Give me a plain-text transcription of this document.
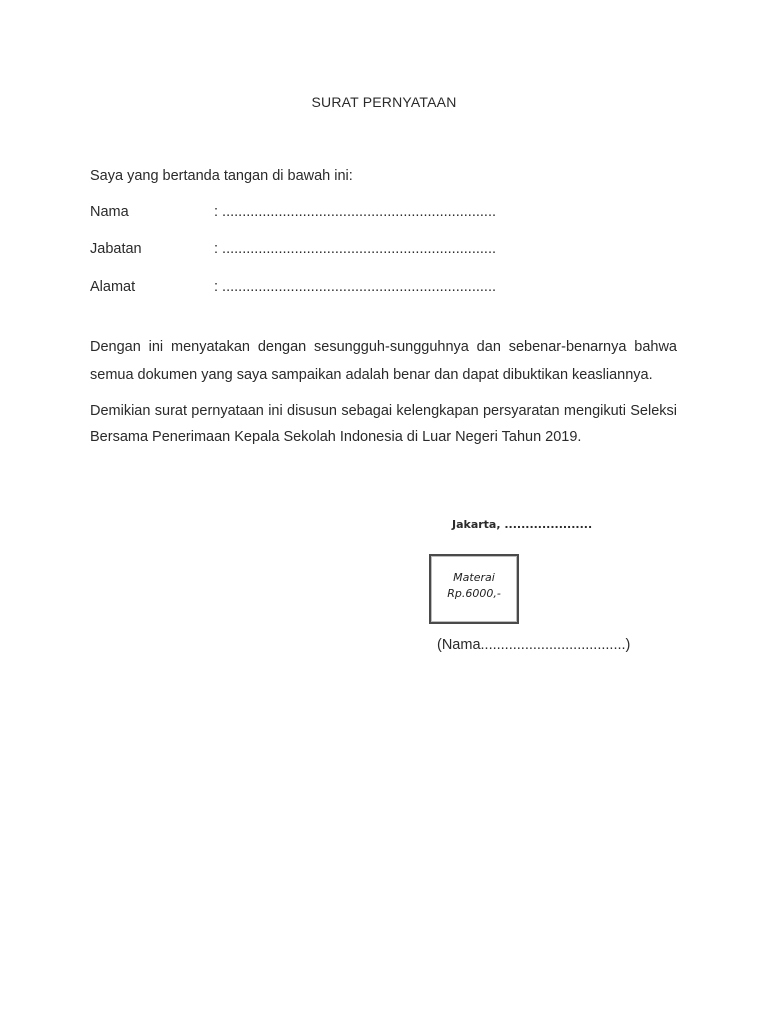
SURAT PERNYATAAN
Saya yang bertanda tangan di bawah ini:
Nama	: ....................................................................
Jabatan	: ....................................................................
Alamat	: ....................................................................

Dengan ini menyatakan dengan sesungguh-sungguhnya dan sebenar-benarnya bahwa semua dokumen yang saya sampaikan adalah benar dan dapat dibuktikan keasliannya.

Demikian surat pernyataan ini disusun sebagai kelengkapan persyaratan mengikuti Seleksi Bersama Penerimaan Kepala Sekolah Indonesia di Luar Negeri Tahun 2019.

Jakarta, .....................
Materai
Rp.6000,-
(Nama....................................)
